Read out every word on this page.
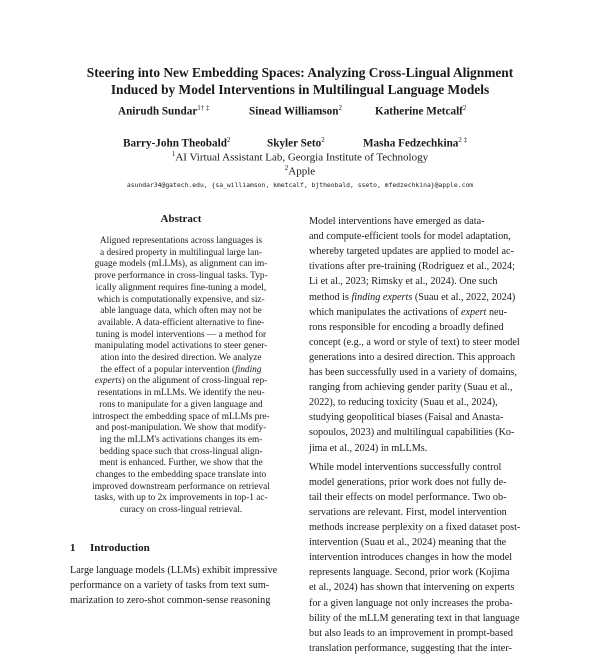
Steering into New Embedding Spaces: Analyzing Cross-Lingual Alignment
Induced by Model Interventions in Multilingual Language Models
Anirudh Sundar$^{1\dagger \ddagger}$	Sinead Williamson$^2$	Katherine Metcalf$^2$
Barry-John Theobald$^2$	Skyler Seto$^2$	Masha Fedzechkina$^{2 \ddagger}$
$^1$AI Virtual Assistant Lab, Georgia Institute of Technology
$^2$Apple
asundar34@gatech.edu, {sa_williamson, kmetcalf, bjtheobald, sseto, mfedzechkina}@apple.com
Abstract
Aligned representations across languages is
a desired property in multilingual large lan-
guage models (mLLMs), as alignment can im-
prove performance in cross-lingual tasks. Typ-
ically alignment requires fine-tuning a model,
which is computationally expensive, and siz-
able language data, which often may not be
available. A data-efficient alternative to fine-
tuning is model interventions — a method for
manipulating model activations to steer gener-
ation into the desired direction. We analyze
the effect of a popular intervention (finding
experts) on the alignment of cross-lingual rep-
resentations in mLLMs. We identify the neu-
rons to manipulate for a given language and
introspect the embedding space of mLLMs pre-
and post-manipulation. We show that modify-
ing the mLLM's activations changes its em-
bedding space such that cross-lingual align-
ment is enhanced. Further, we show that the
changes to the embedding space translate into
improved downstream performance on retrieval
tasks, with up to 2x improvements in top-1 ac-
curacy on cross-lingual retrieval.
1 Introduction
Large language models (LLMs) exhibit impressive
performance on a variety of tasks from text sum-
marization to zero-shot common-sense reasoning
Model interventions have emerged as data-
and compute-efficient tools for model adaptation,
whereby targeted updates are applied to model ac-
tivations after pre-training (Rodriguez et al., 2024;
Li et al., 2023; Rimsky et al., 2024). One such
method is finding experts (Suau et al., 2022, 2024)
which manipulates the activations of expert neu-
rons responsible for encoding a broadly defined
concept (e.g., a word or style of text) to steer model
generations into a desired direction. This approach
has been successfully used in a variety of domains,
ranging from achieving gender parity (Suau et al.,
2022), to reducing toxicity (Suau et al., 2024),
studying geopolitical biases (Faisal and Anasta-
sopoulos, 2023) and multilingual capabilities (Ko-
jima et al., 2024) in mLLMs.
While model interventions successfully control
model generations, prior work does not fully de-
tail their effects on model performance. Two ob-
servations are relevant. First, model intervention
methods increase perplexity on a fixed dataset post-
intervention (Suau et al., 2024) meaning that the
intervention introduces changes in how the model
represents language. Second, prior work (Kojima
et al., 2024) has shown that intervening on experts
for a given language not only increases the proba-
bility of the mLLM generating text in that language
but also leads to an improvement in prompt-based
translation performance, suggesting that the inter-
